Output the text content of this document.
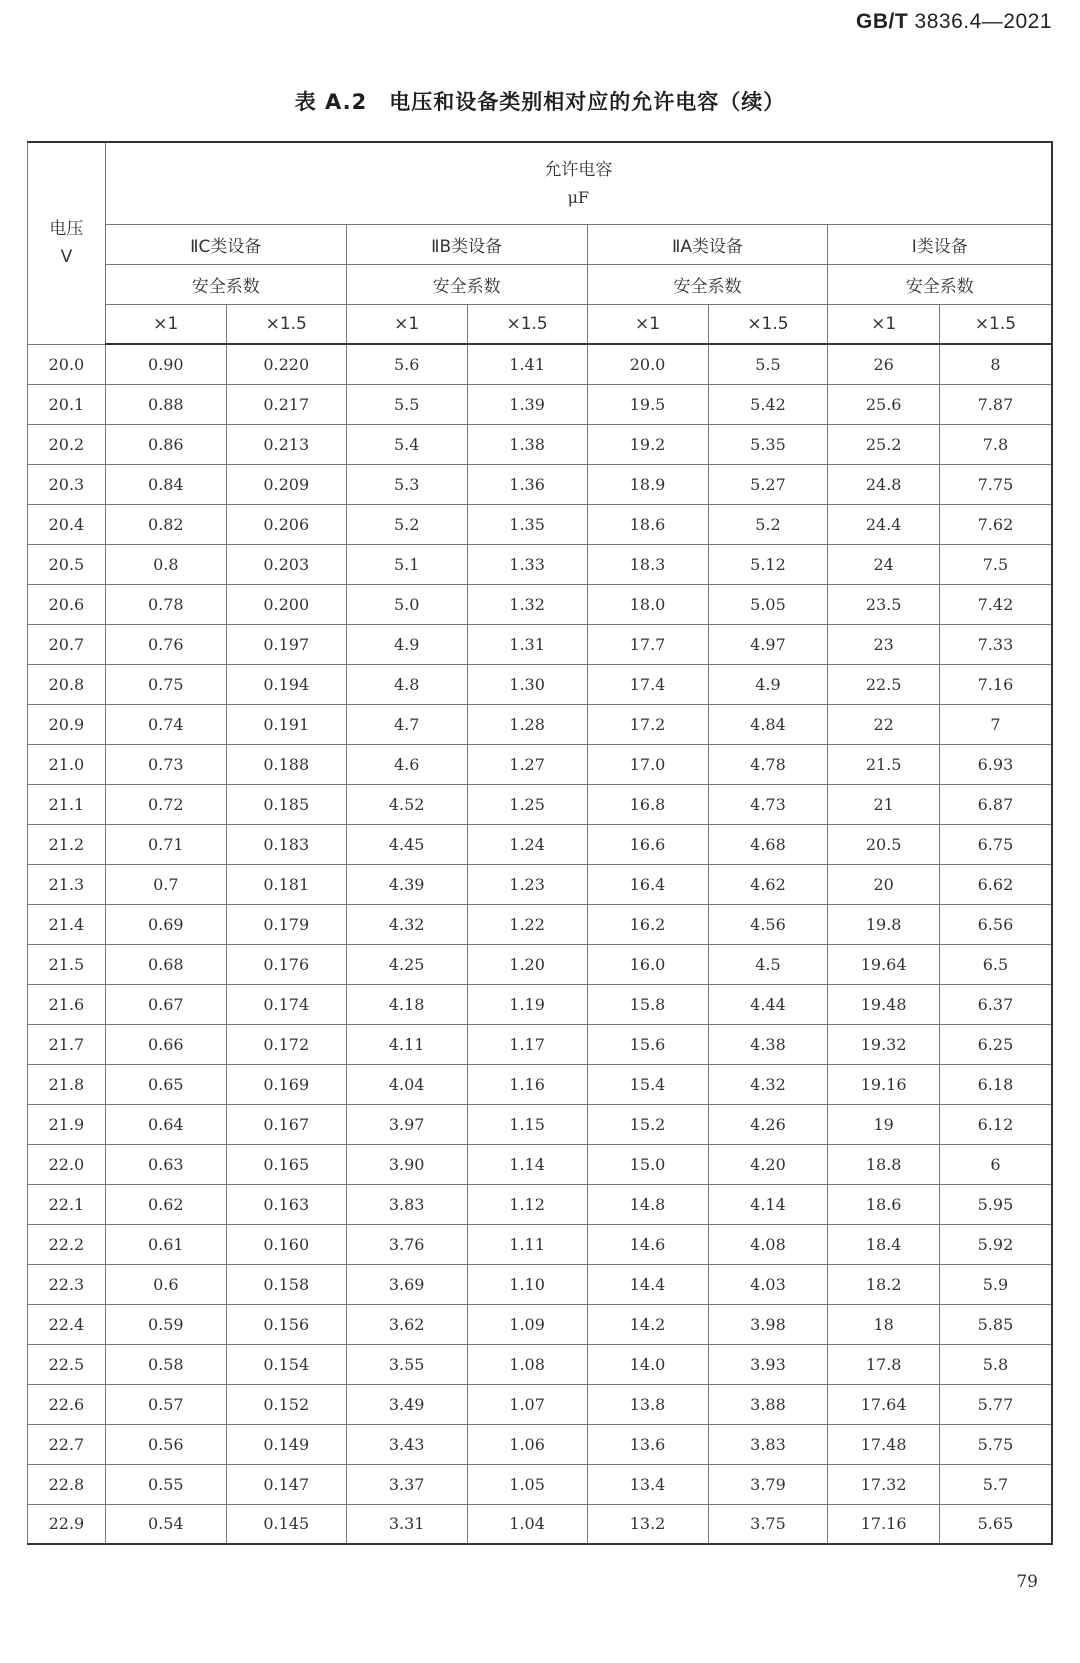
GB/T 3836.4—2021
表 A.2 电压和设备类别相对应的允许电容（续）
电压
V	允许电容
μF							

	ⅡC类设备		ⅡB类设备		ⅡA类设备		Ⅰ类设备	
	安全系数		安全系数		安全系数		安全系数	
	×1	×1.5	×1	×1.5	×1	×1.5	×1	×1.5
20.0	0.90	0.220	5.6	1.41	20.0	5.5	26	8
20.1	0.88	0.217	5.5	1.39	19.5	5.42	25.6	7.87
20.2	0.86	0.213	5.4	1.38	19.2	5.35	25.2	7.8
20.3	0.84	0.209	5.3	1.36	18.9	5.27	24.8	7.75
20.4	0.82	0.206	5.2	1.35	18.6	5.2	24.4	7.62
20.5	0.8	0.203	5.1	1.33	18.3	5.12	24	7.5
20.6	0.78	0.200	5.0	1.32	18.0	5.05	23.5	7.42
20.7	0.76	0.197	4.9	1.31	17.7	4.97	23	7.33
20.8	0.75	0.194	4.8	1.30	17.4	4.9	22.5	7.16
20.9	0.74	0.191	4.7	1.28	17.2	4.84	22	7
21.0	0.73	0.188	4.6	1.27	17.0	4.78	21.5	6.93
21.1	0.72	0.185	4.52	1.25	16.8	4.73	21	6.87
21.2	0.71	0.183	4.45	1.24	16.6	4.68	20.5	6.75
21.3	0.7	0.181	4.39	1.23	16.4	4.62	20	6.62
21.4	0.69	0.179	4.32	1.22	16.2	4.56	19.8	6.56
21.5	0.68	0.176	4.25	1.20	16.0	4.5	19.64	6.5
21.6	0.67	0.174	4.18	1.19	15.8	4.44	19.48	6.37
21.7	0.66	0.172	4.11	1.17	15.6	4.38	19.32	6.25
21.8	0.65	0.169	4.04	1.16	15.4	4.32	19.16	6.18
21.9	0.64	0.167	3.97	1.15	15.2	4.26	19	6.12
22.0	0.63	0.165	3.90	1.14	15.0	4.20	18.8	6
22.1	0.62	0.163	3.83	1.12	14.8	4.14	18.6	5.95
22.2	0.61	0.160	3.76	1.11	14.6	4.08	18.4	5.92
22.3	0.6	0.158	3.69	1.10	14.4	4.03	18.2	5.9
22.4	0.59	0.156	3.62	1.09	14.2	3.98	18	5.85
22.5	0.58	0.154	3.55	1.08	14.0	3.93	17.8	5.8
22.6	0.57	0.152	3.49	1.07	13.8	3.88	17.64	5.77
22.7	0.56	0.149	3.43	1.06	13.6	3.83	17.48	5.75
22.8	0.55	0.147	3.37	1.05	13.4	3.79	17.32	5.7
22.9	0.54	0.145	3.31	1.04	13.2	3.75	17.16	5.65
79
